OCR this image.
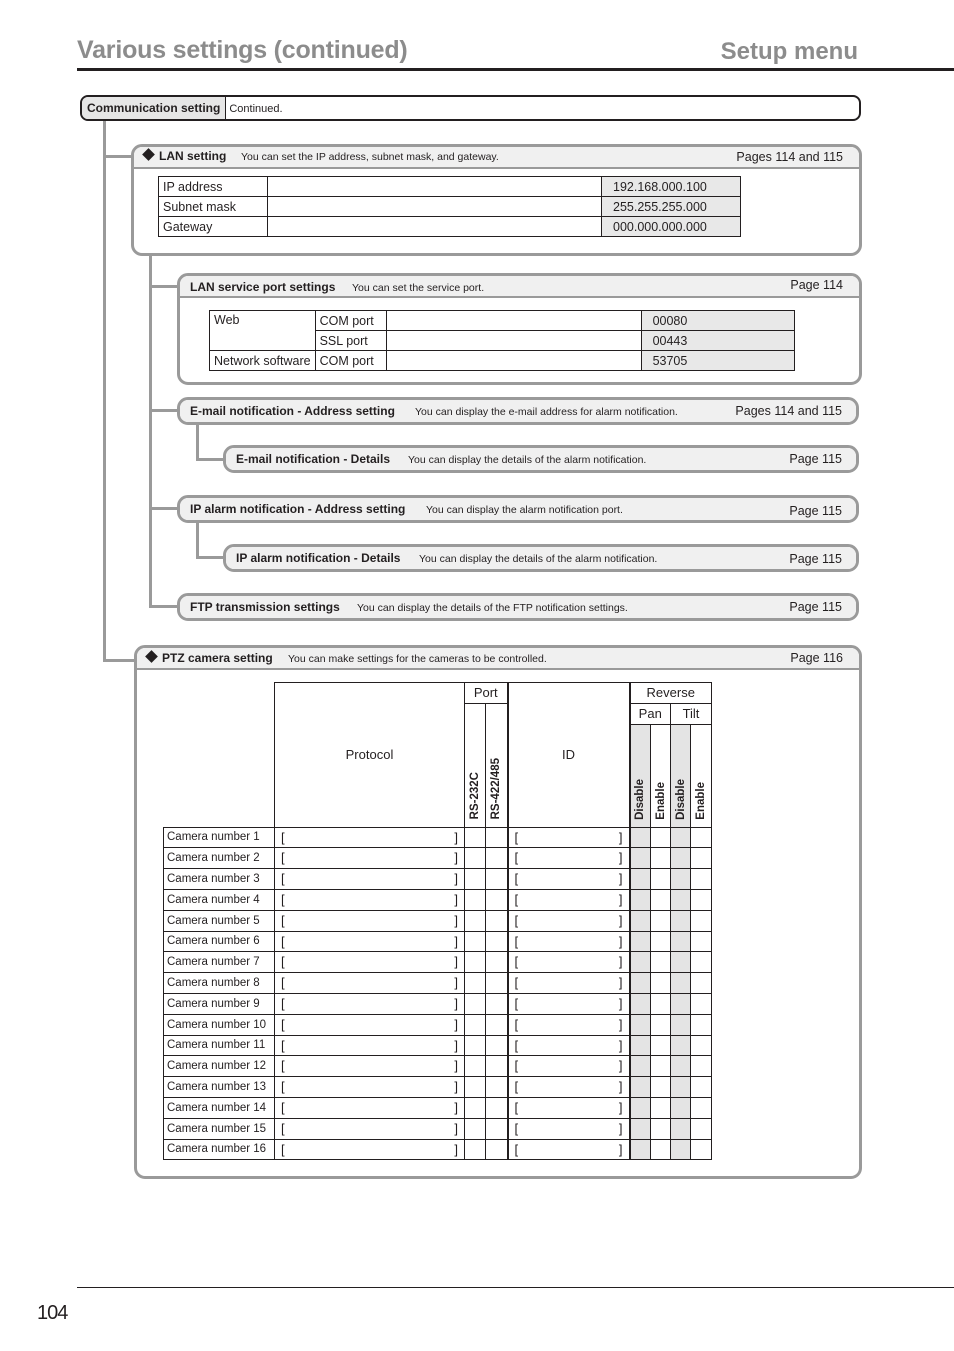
Various settings (continued)	Setup menu
Communication setting Continued.
LAN setting You can set the IP address, subnet mask, and gateway.	Pages 114 and 115
IP address		192.168.000.100
Subnet mask		255.255.255.000
Gateway		000.000.000.000
LAN service port settings You can set the service port.	Page 114
Web	COM port		00080
	SSL port		00443
Network software	COM port		53705
E-mail notification - Address setting You can display the e-mail address for alarm notification.	Pages 114 and 115
E-mail notification - Details You can display the details of the alarm notification.	Page 115
IP alarm notification - Address setting You can display the alarm notification port.	Page 115
IP alarm notification - Details You can display the details of the alarm notification.	Page 115
FTP transmission settings You can display the details of the FTP notification settings.	Page 115
PTZ camera setting You can make settings for the cameras to be controlled.	Page 116
	Protocol	Port		ID	Reverse			
		RS-232C	RS-422/485		Pan		Tilt	
					Disable	Enable	Disable	Enable
Camera number 1	[ ]			[ ]				

Camera number 2	[ ]			[ ]				

Camera number 3	[ ]			[ ]				

Camera number 4	[ ]			[ ]				

Camera number 5	[ ]			[ ]				

Camera number 6	[ ]			[ ]				

Camera number 7	[ ]			[ ]				

Camera number 8	[ ]			[ ]				

Camera number 9	[ ]			[ ]				

Camera number 10	[ ]			[ ]				

Camera number 11	[ ]			[ ]				

Camera number 12	[ ]			[ ]				

Camera number 13	[ ]			[ ]				

Camera number 14	[ ]			[ ]				

Camera number 15	[ ]			[ ]				

Camera number 16	[ ]			[ ]				

104
